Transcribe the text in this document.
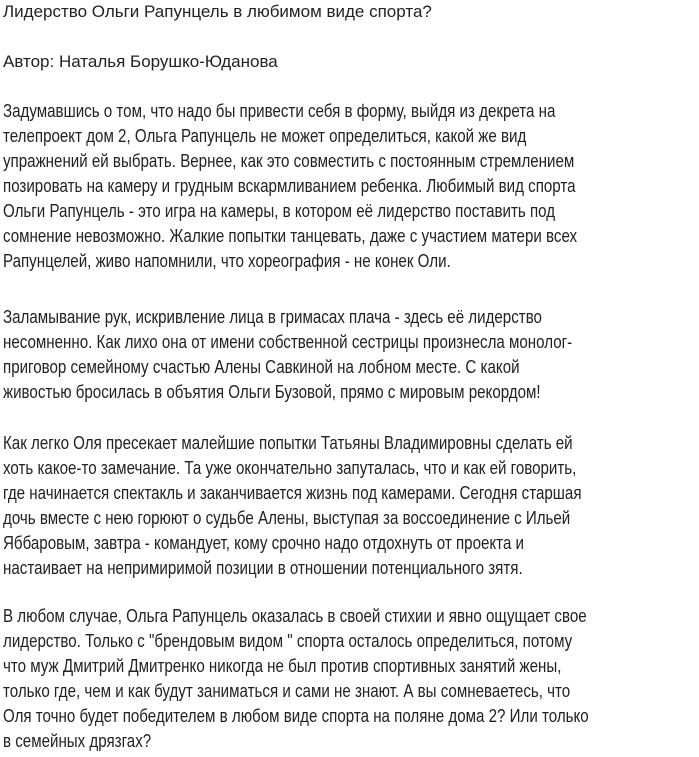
Лидерство Ольги Рапунцель в любимом виде спорта?
Автор: Наталья Борушко-Юданова
Задумавшись о том, что надо бы привести себя в форму, выйдя из декрета на
телепроект дом 2, Ольга Рапунцель не может определиться, какой же вид
упражнений ей выбрать. Вернее, как это совместить с постоянным стремлением
позировать на камеру и грудным вскармливанием ребенка. Любимый вид спорта
Ольги Рапунцель - это игра на камеры, в котором её лидерство поставить под
сомнение невозможно. Жалкие попытки танцевать, даже с участием матери всех
Рапунцелей, живо напомнили, что хореография - не конек Оли.
Заламывание рук, искривление лица в гримасах плача - здесь её лидерство
несомненно. Как лихо она от имени собственной сестрицы произнесла монолог-
приговор семейному счастью Алены Савкиной на лобном месте. С какой
живостью бросилась в объятия Ольги Бузовой, прямо с мировым рекордом!
Как легко Оля пресекает малейшие попытки Татьяны Владимировны сделать ей
хоть какое-то замечание. Та уже окончательно запуталась, что и как ей говорить,
где начинается спектакль и заканчивается жизнь под камерами. Сегодня старшая
дочь вместе с нею горюют о судьбе Алены, выступая за воссоединение с Ильей
Яббаровым, завтра - командует, кому срочно надо отдохнуть от проекта и
настаивает на непримиримой позиции в отношении потенциального зятя.
В любом случае, Ольга Рапунцель оказалась в своей стихии и явно ощущает свое
лидерство. Только с "брендовым видом " спорта осталось определиться, потому
что муж Дмитрий Дмитренко никогда не был против спортивных занятий жены,
только где, чем и как будут заниматься и сами не знают. А вы сомневаетесь, что
Оля точно будет победителем в любом виде спорта на поляне дома 2? Или только
в семейных дрязгах?
